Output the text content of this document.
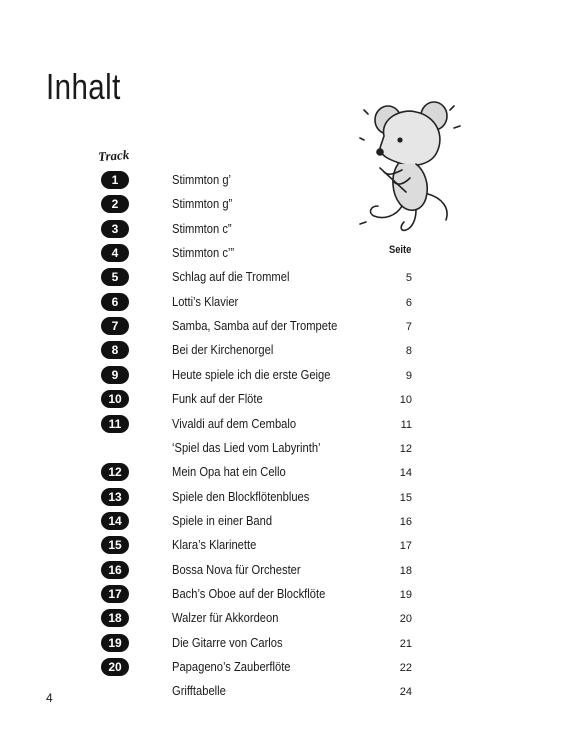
Inhalt
Track
Seite
1	Stimmton g’
2	Stimmton g”
3	Stimmton c”
4	Stimmton c’”
5	Schlag auf die Trommel	5
6	Lotti’s Klavier	6
7	Samba, Samba auf der Trompete	7
8	Bei der Kirchenorgel	8
9	Heute spiele ich die erste Geige	9
10	Funk auf der Flöte	10
11	Vivaldi auf dem Cembalo	11
‘Spiel das Lied vom Labyrinth’	12
12	Mein Opa hat ein Cello	14
13	Spiele den Blockflötenblues	15
14	Spiele in einer Band	16
15	Klara’s Klarinette	17
16	Bossa Nova für Orchester	18
17	Bach’s Oboe auf der Blockflöte	19
18	Walzer für Akkordeon	20
19	Die Gitarre von Carlos	21
20	Papageno’s Zauberflöte	22
Grifftabelle	24
4
